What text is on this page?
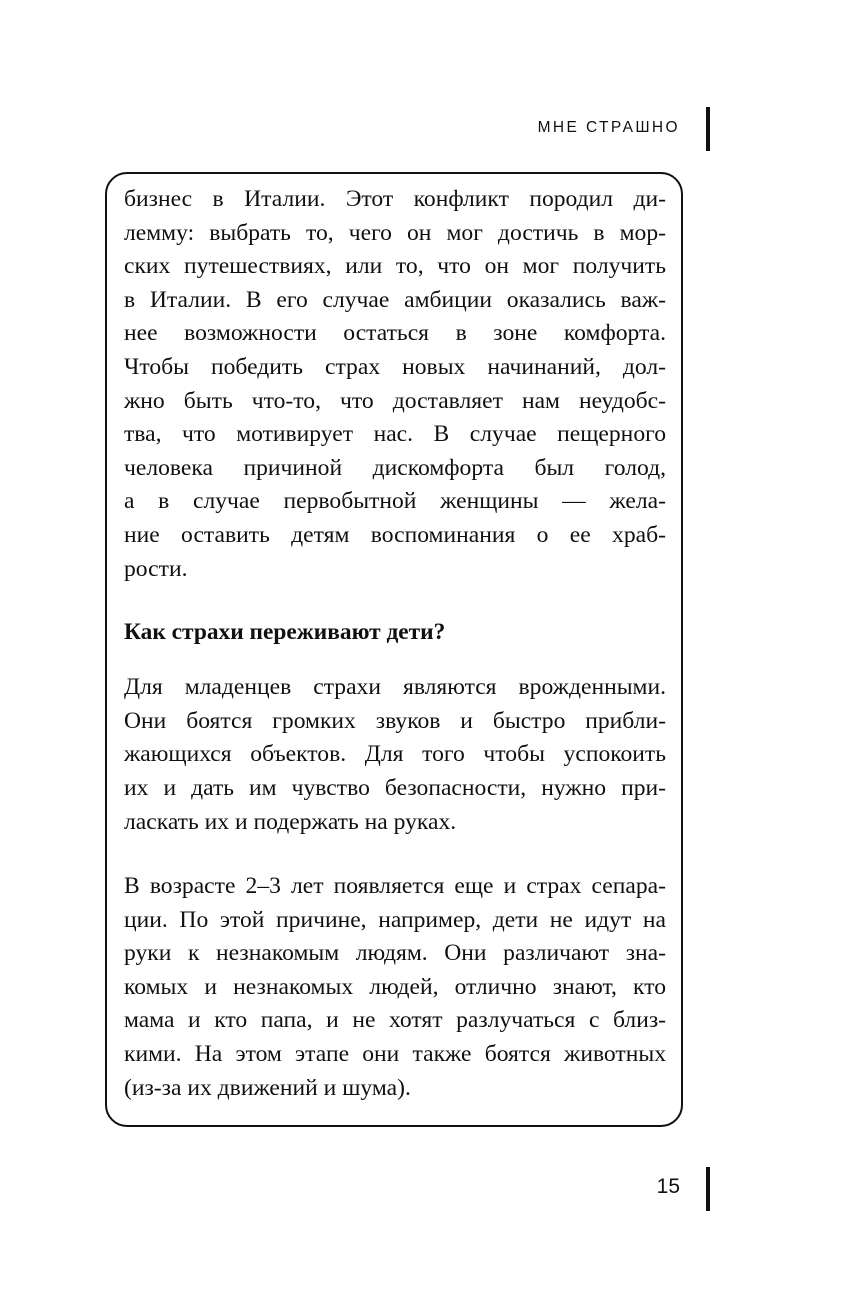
МНЕ СТРАШНО

бизнес в Италии. Этот конфликт породил ди-
лемму: выбрать то, чего он мог достичь в мор-
ских путешествиях, или то, что он мог получить
в Италии. В его случае амбиции оказались важ-
нее возможности остаться в зоне комфорта.
Чтобы победить страх новых начинаний, дол-
жно быть что-то, что доставляет нам неудобс-
тва, что мотивирует нас. В случае пещерного
человека причиной дискомфорта был голод,
а в случае первобытной женщины — жела-
ние оставить детям воспоминания о ее храб-
рости.

Как страхи переживают дети?

Для младенцев страхи являются врожденными.
Они боятся громких звуков и быстро прибли-
жающихся объектов. Для того чтобы успокоить
их и дать им чувство безопасности, нужно при-
ласкать их и подержать на руках.

В возрасте 2–3 лет появляется еще и страх сепара-
ции. По этой причине, например, дети не идут на
руки к незнакомым людям. Они различают зна-
комых и незнакомых людей, отлично знают, кто
мама и кто папа, и не хотят разлучаться с близ-
кими. На этом этапе они также боятся животных
(из-за их движений и шума).

15
